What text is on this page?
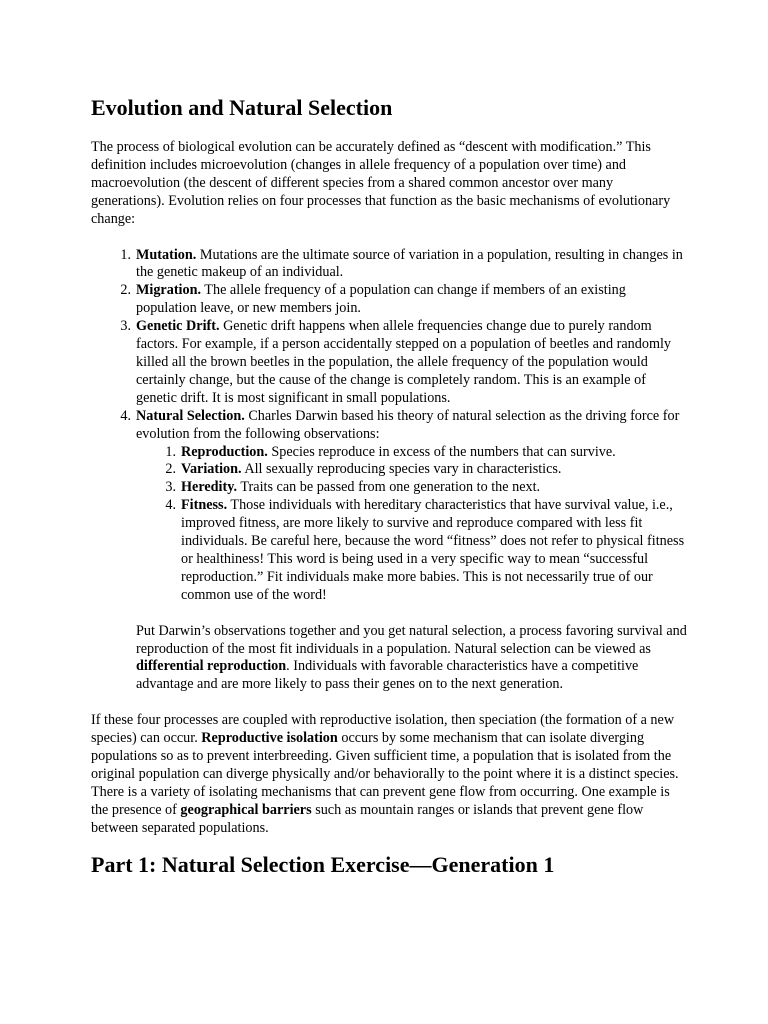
Evolution and Natural Selection

The process of biological evolution can be accurately defined as “descent with modification.” This definition includes microevolution (changes in allele frequency of a population over time) and macroevolution (the descent of different species from a shared common ancestor over many generations). Evolution relies on four processes that function as the basic mechanisms of evolutionary change:

1. Mutation. Mutations are the ultimate source of variation in a population, resulting in changes in the genetic makeup of an individual.
2. Migration. The allele frequency of a population can change if members of an existing population leave, or new members join.
3. Genetic Drift. Genetic drift happens when allele frequencies change due to purely random factors. For example, if a person accidentally stepped on a population of beetles and randomly killed all the brown beetles in the population, the allele frequency of the population would certainly change, but the cause of the change is completely random. This is an example of genetic drift. It is most significant in small populations.
4. Natural Selection. Charles Darwin based his theory of natural selection as the driving force for evolution from the following observations:
1. Reproduction. Species reproduce in excess of the numbers that can survive.
2. Variation. All sexually reproducing species vary in characteristics.
3. Heredity. Traits can be passed from one generation to the next.
4. Fitness. Those individuals with hereditary characteristics that have survival value, i.e., improved fitness, are more likely to survive and reproduce compared with less fit individuals. Be careful here, because the word “fitness” does not refer to physical fitness or healthiness! This word is being used in a very specific way to mean “successful reproduction.” Fit individuals make more babies. This is not necessarily true of our common use of the word!

Put Darwin’s observations together and you get natural selection, a process favoring survival and reproduction of the most fit individuals in a population. Natural selection can be viewed as differential reproduction. Individuals with favorable characteristics have a competitive advantage and are more likely to pass their genes on to the next generation.

If these four processes are coupled with reproductive isolation, then speciation (the formation of a new species) can occur. Reproductive isolation occurs by some mechanism that can isolate diverging populations so as to prevent interbreeding. Given sufficient time, a population that is isolated from the original population can diverge physically and/or behaviorally to the point where it is a distinct species. There is a variety of isolating mechanisms that can prevent gene flow from occurring. One example is the presence of geographical barriers such as mountain ranges or islands that prevent gene flow between separated populations.

Part 1: Natural Selection Exercise—Generation 1
